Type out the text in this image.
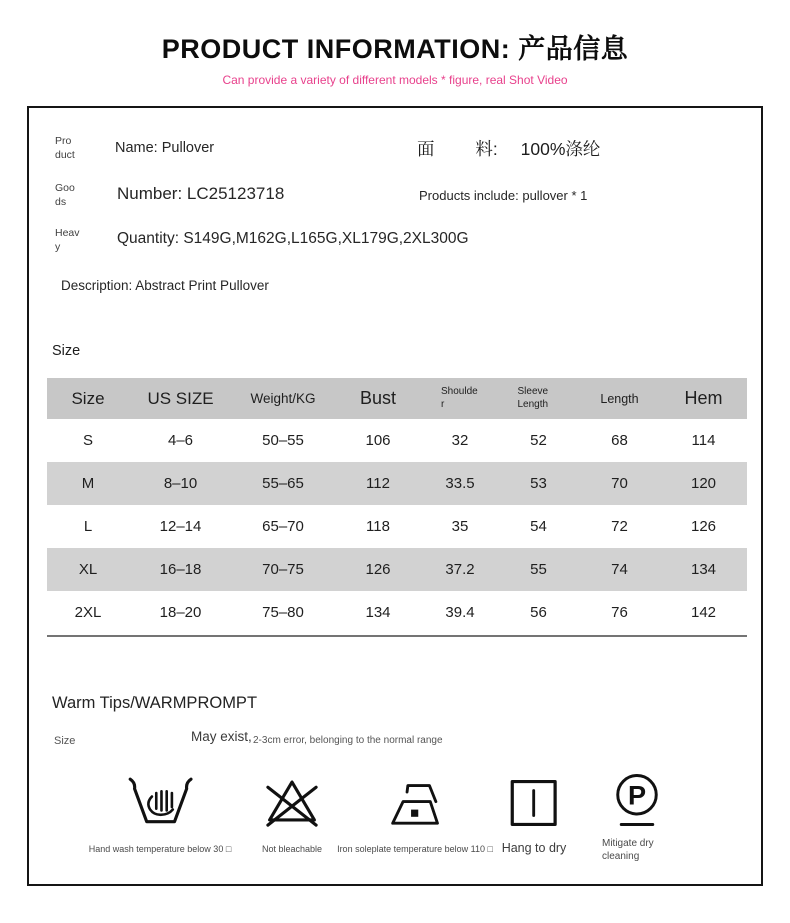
PRODUCT INFORMATION: 产品信息
Can provide a variety of different models * figure, real Shot Video
Pro
duct	Name: Pullover	面 料: 100%涤纶
Goo
ds	Number: LC25123718	Products include: pullover * 1
Heav
y	Quantity: S149G,M162G,L165G,XL179G,2XL300G
Description: Abstract Print Pullover
Size
Size	US SIZE	Weight/KG	Bust	Shoulder	Sleeve Length	Length	Hem
S	4–6	50–55	106	32	52	68	114
M	8–10	55–65	112	33.5	53	70	120
L	12–14	65–70	118	35	54	72	126
XL	16–18	70–75	126	37.2	55	74	134
2XL	18–20	75–80	134	39.4	56	76	142
Warm Tips/WARMPROMPT
Size	May exist, 2-3cm error, belonging to the normal range
Hand wash temperature below 30 □	Not bleachable Iron soleplate temperature below 110 □ Hang to dry
P
Mitigate dry cleaning
